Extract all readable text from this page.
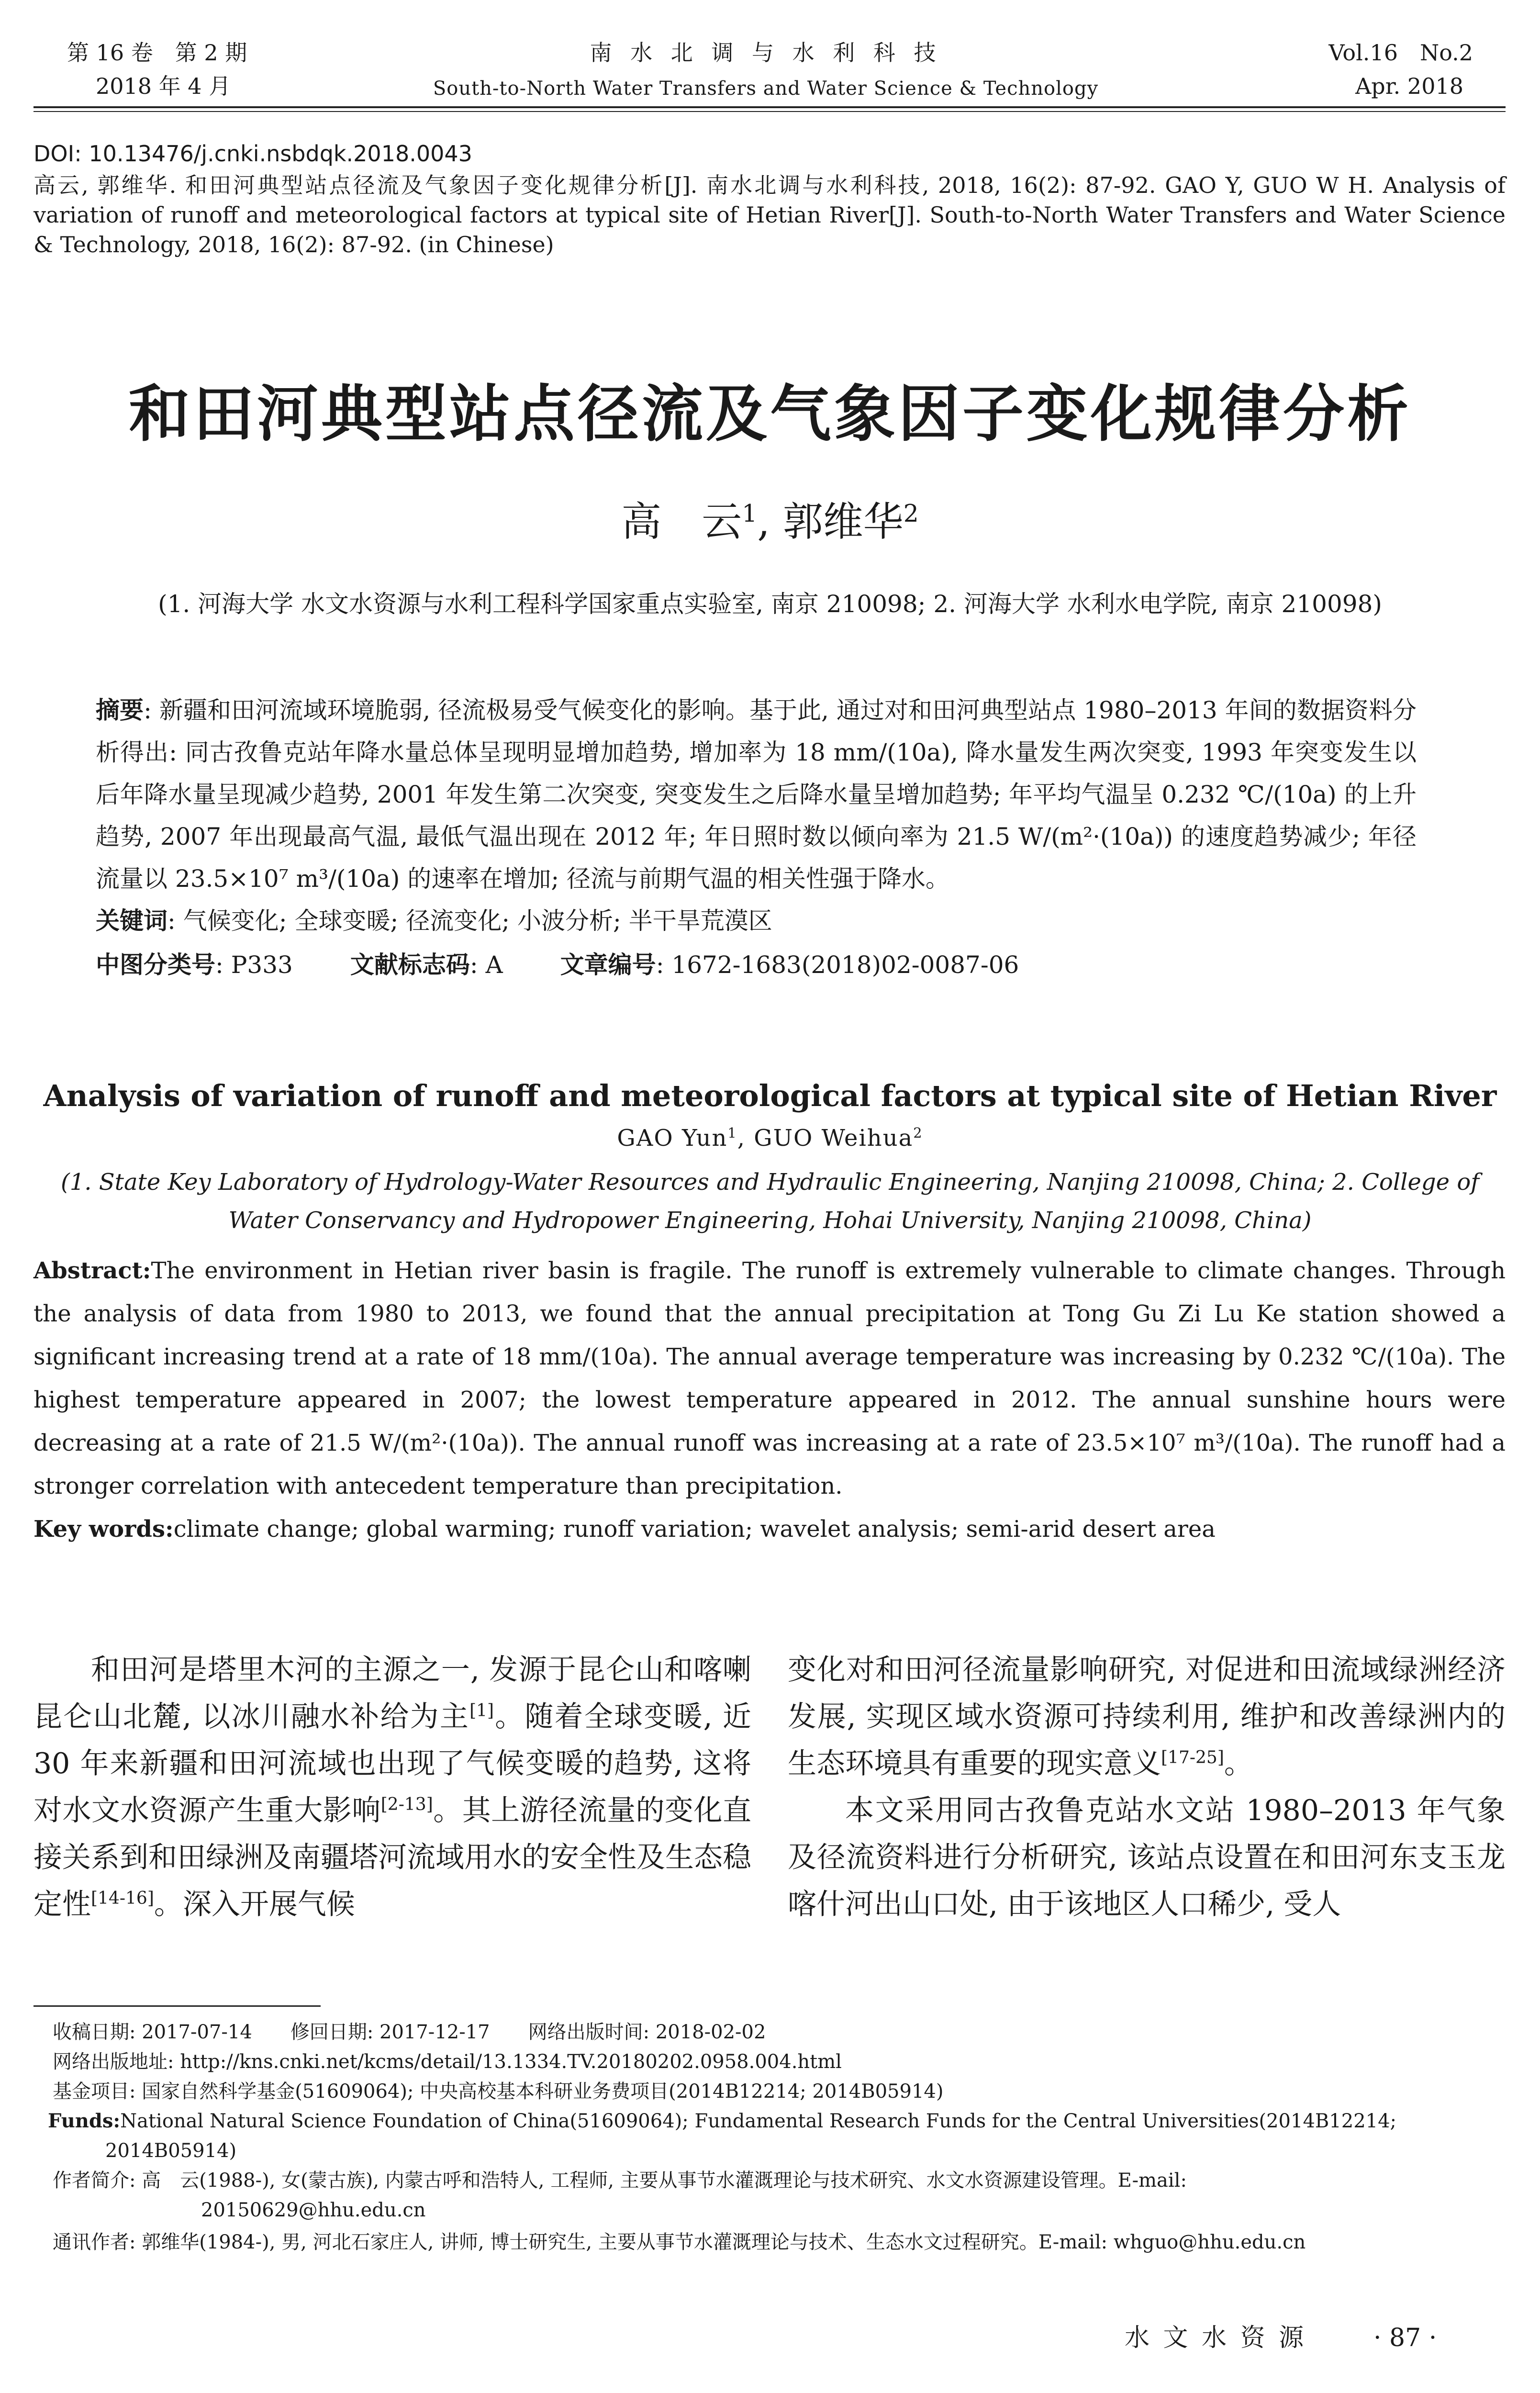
第 16 卷　第 2 期
2018 年 4 月
南 水 北 调 与 水 利 科 技
South-to-North Water Transfers and Water Science & Technology
Vol.16　No.2
Apr. 2018
DOI: 10.13476/j.cnki.nsbdqk.2018.0043
高云, 郭维华. 和田河典型站点径流及气象因子变化规律分析[J]. 南水北调与水利科技, 2018, 16(2): 87-92. GAO Y, GUO W H. Analysis of variation of runoff and meteorological factors at typical site of Hetian River[J]. South-to-North Water Transfers and Water Science & Technology, 2018, 16(2): 87-92. (in Chinese)
和田河典型站点径流及气象因子变化规律分析
高　云$^1$, 郭维华$^2$
(1. 河海大学 水文水资源与水利工程科学国家重点实验室, 南京 210098; 2. 河海大学 水利水电学院, 南京 210098)
摘要: 新疆和田河流域环境脆弱, 径流极易受气候变化的影响。基于此, 通过对和田河典型站点 1980–2013 年间的数据资料分析得出: 同古孜鲁克站年降水量总体呈现明显增加趋势, 增加率为 18 mm/(10a), 降水量发生两次突变, 1993 年突变发生以后年降水量呈现减少趋势, 2001 年发生第二次突变, 突变发生之后降水量呈增加趋势; 年平均气温呈 0.232 ℃/(10a) 的上升趋势, 2007 年出现最高气温, 最低气温出现在 2012 年; 年日照时数以倾向率为 21.5 W/(m²·(10a)) 的速度趋势减少; 年径流量以 23.5×10⁷ m³/(10a) 的速率在增加; 径流与前期气温的相关性强于降水。
关键词: 气候变化; 全球变暖; 径流变化; 小波分析; 半干旱荒漠区
中图分类号: P333 文献标志码: A 文章编号: 1672-1683(2018)02-0087-06
Analysis of variation of runoff and meteorological factors at typical site of Hetian River
GAO Yun$^1$, GUO Weihua$^2$
(1. State Key Laboratory of Hydrology-Water Resources and Hydraulic Engineering, Nanjing 210098, China; 2. College of
Water Conservancy and Hydropower Engineering, Hohai University, Nanjing 210098, China)
Abstract:The environment in Hetian river basin is fragile. The runoff is extremely vulnerable to climate changes. Through the analysis of data from 1980 to 2013, we found that the annual precipitation at Tong Gu Zi Lu Ke station showed a significant increasing trend at a rate of 18 mm/(10a). The annual average temperature was increasing by 0.232 ℃/(10a). The highest temperature appeared in 2007; the lowest temperature appeared in 2012. The annual sunshine hours were decreasing at a rate of 21.5 W/(m²·(10a)). The annual runoff was increasing at a rate of 23.5×10⁷ m³/(10a). The runoff had a stronger correlation with antecedent temperature than precipitation.
Key words:climate change; global warming; runoff variation; wavelet analysis; semi-arid desert area
和田河是塔里木河的主源之一, 发源于昆仑山和喀喇昆仑山北麓, 以冰川融水补给为主[1]。随着全球变暖, 近 30 年来新疆和田河流域也出现了气候变暖的趋势, 这将对水文水资源产生重大影响[2-13]。其上游径流量的变化直接关系到和田绿洲及南疆塔河流域用水的安全性及生态稳定性[14-16]。深入开展气候

变化对和田河径流量影响研究, 对促进和田流域绿洲经济发展, 实现区域水资源可持续利用, 维护和改善绿洲内的生态环境具有重要的现实意义[17-25]。

本文采用同古孜鲁克站水文站 1980–2013 年气象及径流资料进行分析研究, 该站点设置在和田河东支玉龙喀什河出山口处, 由于该地区人口稀少, 受人

收稿日期: 2017-07-14　　修回日期: 2017-12-17　　网络出版时间: 2018-02-02
网络出版地址: http://kns.cnki.net/kcms/detail/13.1334.TV.20180202.0958.004.html
基金项目: 国家自然科学基金(51609064); 中央高校基本科研业务费项目(2014B12214; 2014B05914)
Funds:National Natural Science Foundation of China(51609064); Fundamental Research Funds for the Central Universities(2014B12214;
2014B05914)
作者简介: 高　云(1988-), 女(蒙古族), 内蒙古呼和浩特人, 工程师, 主要从事节水灌溉理论与技术研究、水文水资源建设管理。E-mail:
20150629@hhu.edu.cn
通讯作者: 郭维华(1984-), 男, 河北石家庄人, 讲师, 博士研究生, 主要从事节水灌溉理论与技术、生态水文过程研究。E-mail: whguo@hhu.edu.cn
水 文 水 资 源	· 87 ·
